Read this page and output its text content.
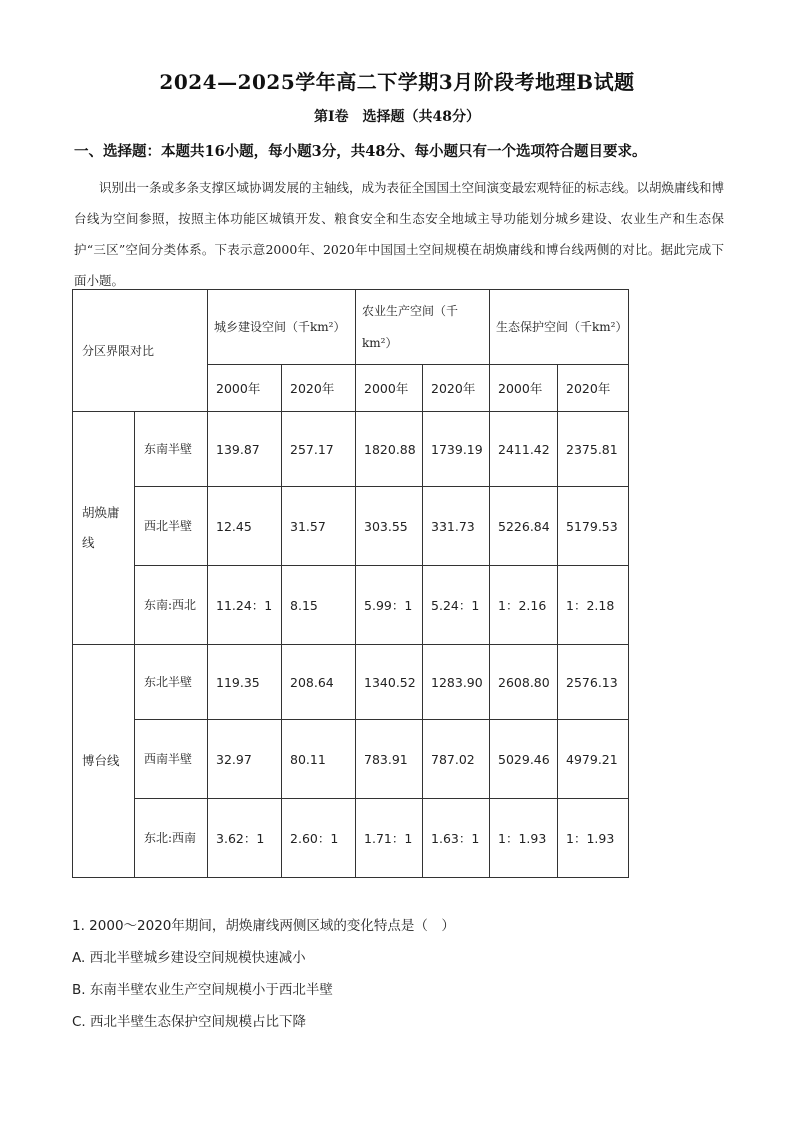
2024—2025学年高二下学期3月阶段考地理B试题
第Ⅰ卷　选择题（共48分）
一、选择题：本题共16小题，每小题3分，共48分、每小题只有一个选项符合题目要求。
识别出一条或多条支撑区域协调发展的主轴线，成为表征全国国土空间演变最宏观特征的标志线。以胡焕庸线和博台线为空间参照，按照主体功能区城镇开发、粮食安全和生态安全地域主导功能划分城乡建设、农业生产和生态保护“三区”空间分类体系。下表示意2000年、2020年中国国土空间规模在胡焕庸线和博台线两侧的对比。据此完成下面小题。
分区界限对比		城乡建设空间（千km²）		农业生产空间（千km²）		生态保护空间（千km²）	
		2000年	2020年	2000年	2020年	2000年	2020年
胡焕庸线	东南半壁	139.87	257.17	1820.88	1739.19	2411.42	2375.81
	西北半壁	12.45	31.57	303.55	331.73	5226.84	5179.53
	东南:西北	11.24：1	8.15	5.99：1	5.24：1	1：2.16	1：2.18
博台线	东北半壁	119.35	208.64	1340.52	1283.90	2608.80	2576.13
	西南半壁	32.97	80.11	783.91	787.02	5029.46	4979.21
	东北:西南	3.62：1	2.60：1	1.71：1	1.63：1	1：1.93	1：1.93
1. 2000～2020年期间，胡焕庸线两侧区域的变化特点是（　）
A. 西北半壁城乡建设空间规模快速减小
B. 东南半壁农业生产空间规模小于西北半壁
C. 西北半壁生态保护空间规模占比下降
